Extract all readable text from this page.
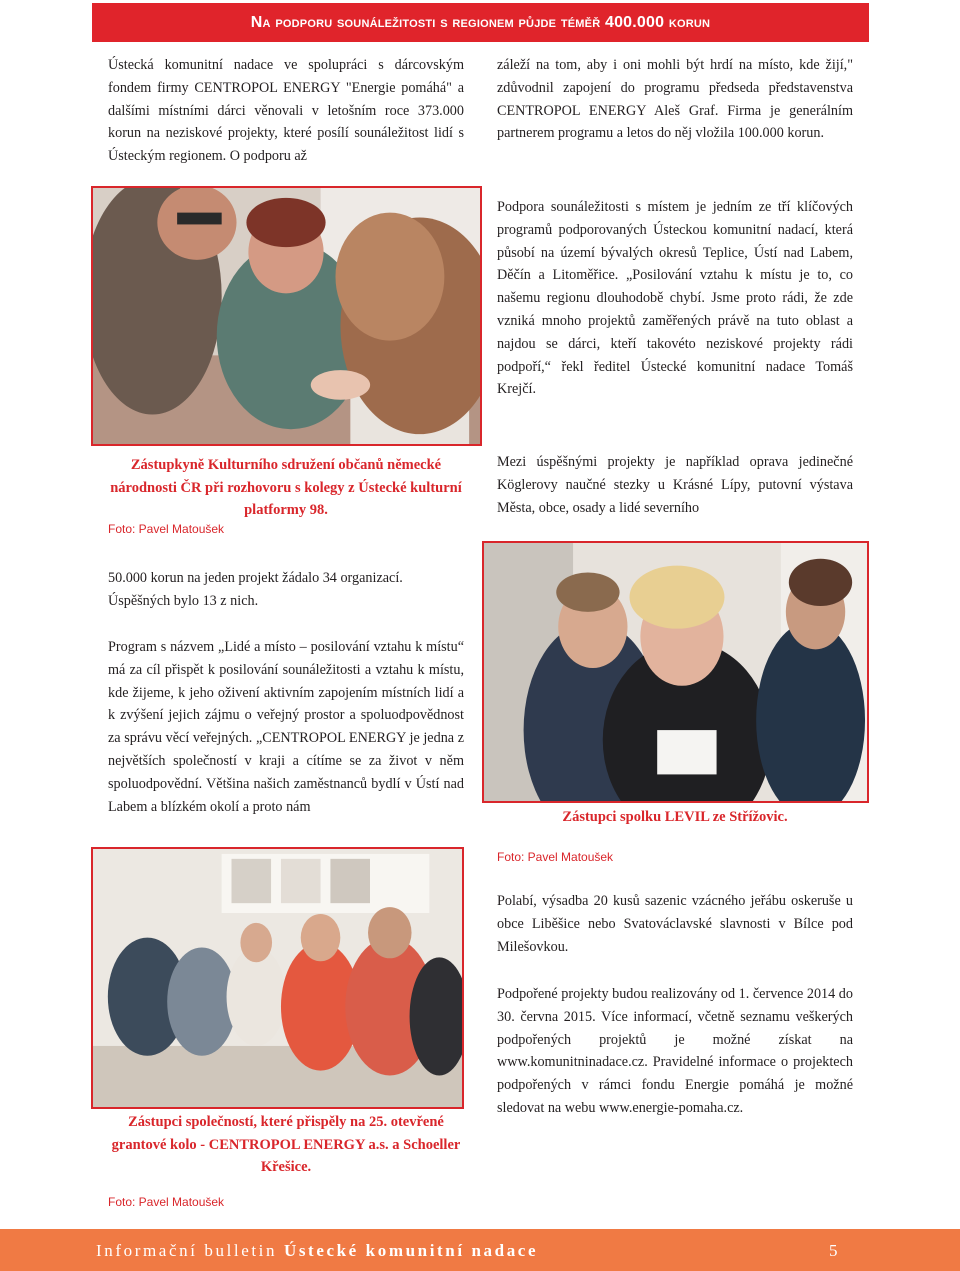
Na podporu sounáležitosti s regionem půjde téměř 400.000 korun

Ústecká komunitní nadace ve spolupráci s dárcovským fondem firmy CENTROPOL ENERGY "Energie pomáhá" a dalšími místními dárci věnovali v letošním roce 373.000 korun na neziskové projekty, které posílí sounáležitost lidí s Ústeckým regionem. O podporu až

záleží na tom, aby i oni mohli být hrdí na místo, kde žijí," zdůvodnil zapojení do programu předseda představenstva CENTROPOL ENERGY Aleš Graf. Firma je generálním partnerem programu a letos do něj vložila 100.000 korun.

Zástupkyně Kulturního sdružení občanů německé národnosti ČR při rozhovoru s kolegy z Ústecké kulturní platformy 98.

Foto: Pavel Matoušek

Podpora sounáležitosti s místem je jedním ze tří klíčových programů podporovaných Ústeckou komunitní nadací, která působí na území bývalých okresů Teplice, Ústí nad Labem, Děčín a Litoměřice. „Posilování vztahu k místu je to, co našemu regionu dlouhodobě chybí. Jsme proto rádi, že zde vzniká mnoho projektů zaměřených právě na tuto oblast a najdou se dárci, kteří takovéto neziskové projekty rádi podpoří,“ řekl ředitel Ústecké komunitní nadace Tomáš Krejčí.

Mezi úspěšnými projekty je například oprava jedinečné Köglerovy naučné stezky u Krásné Lípy, putovní výstava Města, obce, osady a lidé severního

50.000 korun na jeden projekt žádalo 34 organizací. Úspěšných bylo 13 z nich.

Program s názvem „Lidé a místo – posilování vztahu k místu“ má za cíl přispět k posilování sounáležitosti a vztahu k místu, kde žijeme, k jeho oživení aktivním zapojením místních lidí a k zvýšení jejich zájmu o veřejný prostor a spoluodpovědnost za správu věcí veřejných. „CENTROPOL ENERGY je jedna z největších společností v kraji a cítíme se za život v něm spoluodpovědní. Většina našich zaměstnanců bydlí v Ústí nad Labem a blízkém okolí a proto nám

Zástupci spolku LEVIL ze Střížovic.

Foto: Pavel Matoušek

Polabí, výsadba 20 kusů sazenic vzácného jeřábu oskeruše u obce Liběšice nebo Svatováclavské slavnosti v Bílce pod Milešovkou.

Podpořené projekty budou realizovány od 1. července 2014 do 30. června 2015. Více informací, včetně seznamu veškerých podpořených projektů je možné získat na www.komunitninadace.cz. Pravidelné informace o projektech podpořených v rámci fondu Energie pomáhá je možné sledovat na webu www.energie-pomaha.cz.

Zástupci společností, které přispěly na 25. otevřené grantové kolo - CENTROPOL ENERGY a.s. a Schoeller Křešice.

Foto: Pavel Matoušek
Informační bulletin Ústecké komunitní nadace	5
